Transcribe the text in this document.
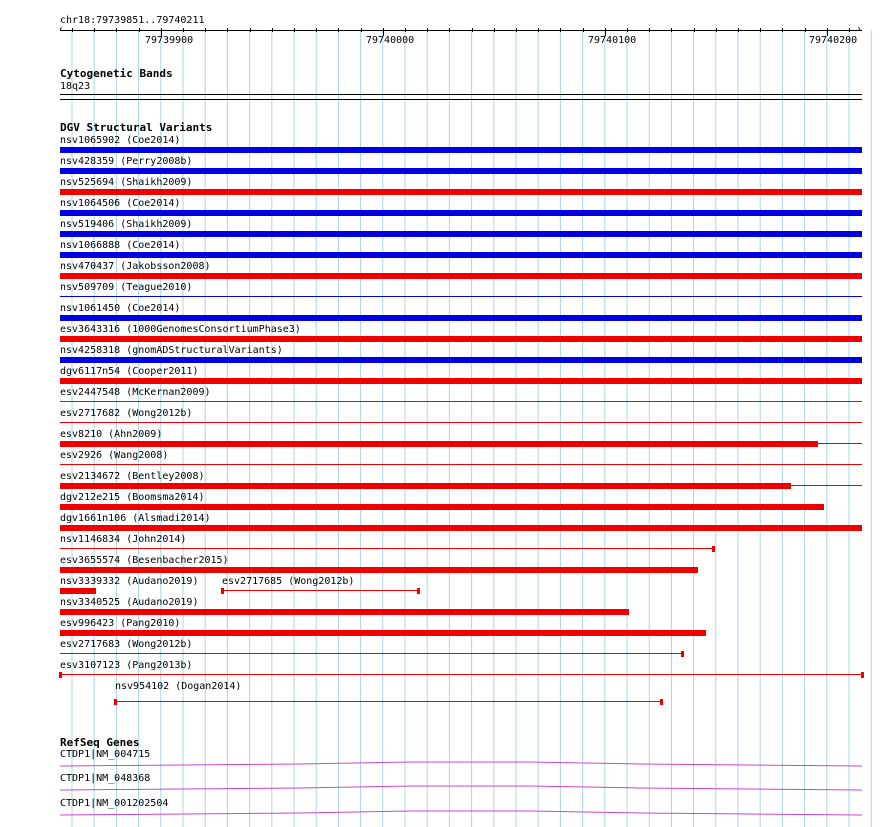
chr18:79739851..79740211
‹	›
79739900	79740000	79740100	79740200
Cytogenetic Bands
18q23
DGV Structural Variants
nsv1065902 (Coe2014)
nsv428359 (Perry2008b)
nsv525694 (Shaikh2009)
nsv1064506 (Coe2014)
nsv519406 (Shaikh2009)
nsv1066888 (Coe2014)
nsv470437 (Jakobsson2008)
nsv509709 (Teague2010)
nsv1061450 (Coe2014)
esv3643316 (1000GenomesConsortiumPhase3)
nsv4258318 (gnomADStructuralVariants)
dgv6117n54 (Cooper2011)
esv2447548 (McKernan2009)
esv2717682 (Wong2012b)
esv8210 (Ahn2009)
esv2926 (Wang2008)
esv2134672 (Bentley2008)
dgv212e215 (Boomsma2014)
dgv1661n106 (Alsmadi2014)
nsv1146834 (John2014)
esv3655574 (Besenbacher2015)
nsv3339332 (Audano2019) esv2717685 (Wong2012b)
nsv3340525 (Audano2019)
esv996423 (Pang2010)
esv2717683 (Wong2012b)
esv3107123 (Pang2013b)
nsv954102 (Dogan2014)
RefSeq Genes
CTDP1|NM_004715
CTDP1|NM_048368
CTDP1|NM_001202504
